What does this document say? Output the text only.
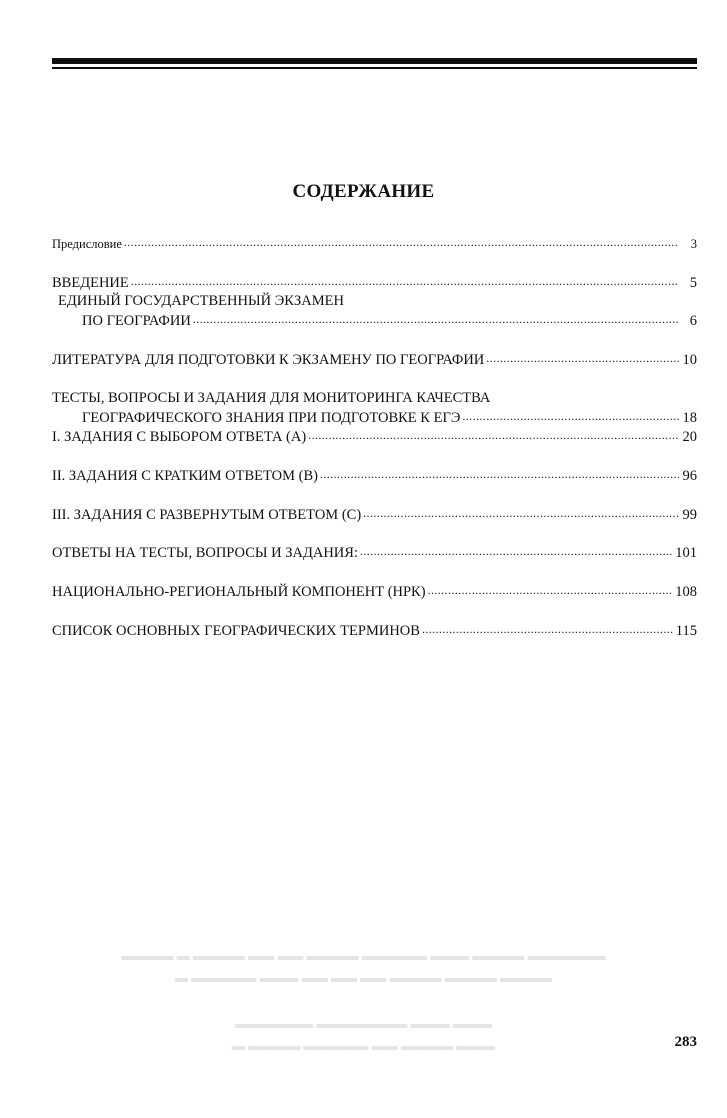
СОДЕРЖАНИЕ
Предисловие .....	3
ВВЕДЕНИЕ .....	5
ЕДИНЫЙ ГОСУДАРСТВЕННЫЙ ЭКЗАМЕН
ПО ГЕОГРАФИИ .....	6
ЛИТЕРАТУРА ДЛЯ ПОДГОТОВКИ К ЭКЗАМЕНУ ПО ГЕОГРАФИИ .....	10
ТЕСТЫ, ВОПРОСЫ И ЗАДАНИЯ ДЛЯ МОНИТОРИНГА КАЧЕСТВА
ГЕОГРАФИЧЕСКОГО ЗНАНИЯ ПРИ ПОДГОТОВКЕ К ЕГЭ .....	18
I. ЗАДАНИЯ С ВЫБОРОМ ОТВЕТА (А) .....	20
II. ЗАДАНИЯ С КРАТКИМ ОТВЕТОМ (В) .....	96
III. ЗАДАНИЯ С РАЗВЕРНУТЫМ ОТВЕТОМ (С) .....	99
ОТВЕТЫ НА ТЕСТЫ, ВОПРОСЫ И ЗАДАНИЯ: .....	101
НАЦИОНАЛЬНО-РЕГИОНАЛЬНЫЙ КОМПОНЕНТ (НРК) .....	108
СПИСОК ОСНОВНЫХ ГЕОГРАФИЧЕСКИХ ТЕРМИНОВ .....	115
▬▬▬▬ ▬ ▬▬▬▬ ▬▬ ▬▬ ▬▬▬▬ ▬▬▬▬▬ ▬▬▬ ▬▬▬▬ ▬▬▬▬▬▬
▬ ▬▬▬▬▬ ▬▬▬ ▬▬ ▬▬ ▬▬ ▬▬▬▬ ▬▬▬▬ ▬▬▬▬
▬▬▬▬▬▬ ▬▬▬▬▬▬▬ ▬▬▬ ▬▬▬
▬ ▬▬▬▬ ▬▬▬▬▬ ▬▬ ▬▬▬▬ ▬▬▬	283
